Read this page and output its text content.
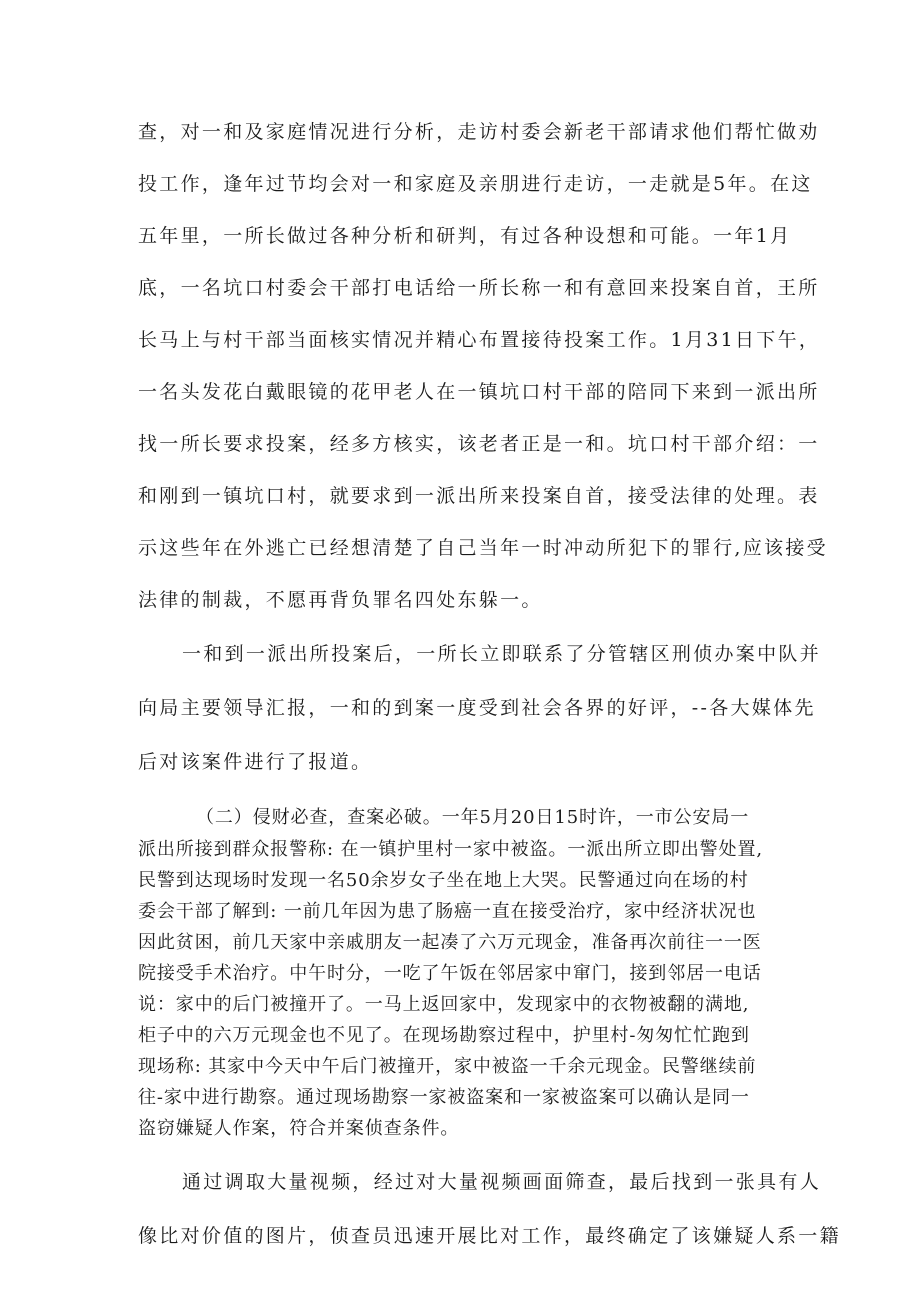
查，对一和及家庭情况进行分析，走访村委会新老干部请求他们帮忙做劝
投工作，逢年过节均会对一和家庭及亲朋进行走访，一走就是5年。在这
五年里，一所长做过各种分析和研判，有过各种设想和可能。一年1月
底，一名坑口村委会干部打电话给一所长称一和有意回来投案自首，王所
长马上与村干部当面核实情况并精心布置接待投案工作。1月31日下午，
一名头发花白戴眼镜的花甲老人在一镇坑口村干部的陪同下来到一派出所
找一所长要求投案，经多方核实，该老者正是一和。坑口村干部介绍：一
和刚到一镇坑口村，就要求到一派出所来投案自首，接受法律的处理。表
示这些年在外逃亡已经想清楚了自己当年一时冲动所犯下的罪行,应该接受
法律的制裁，不愿再背负罪名四处东躲一。
一和到一派出所投案后，一所长立即联系了分管辖区刑侦办案中队并
向局主要领导汇报，一和的到案一度受到社会各界的好评，--各大媒体先
后对该案件进行了报道。
（二）侵财必查，查案必破。一年5月20日15时许，一市公安局一
派出所接到群众报警称: 在一镇护里村一家中被盗。一派出所立即出警处置,
民警到达现场时发现一名50余岁女子坐在地上大哭。民警通过向在场的村
委会干部了解到: 一前几年因为患了肠癌一直在接受治疗，家中经济状况也
因此贫困，前几天家中亲戚朋友一起凑了六万元现金，准备再次前往一一医
院接受手术治疗。中午时分，一吃了午饭在邻居家中窜门，接到邻居一电话
说：家中的后门被撞开了。一马上返回家中，发现家中的衣物被翻的满地,
柜子中的六万元现金也不见了。在现场勘察过程中，护里村-匆匆忙忙跑到
现场称: 其家中今天中午后门被撞开，家中被盗一千余元现金。民警继续前
往-家中进行勘察。通过现场勘察一家被盗案和一家被盗案可以确认是同一
盗窃嫌疑人作案，符合并案侦查条件。
通过调取大量视频，经过对大量视频画面筛查，最后找到一张具有人
像比对价值的图片，侦查员迅速开展比对工作，最终确定了该嫌疑人系一籍
